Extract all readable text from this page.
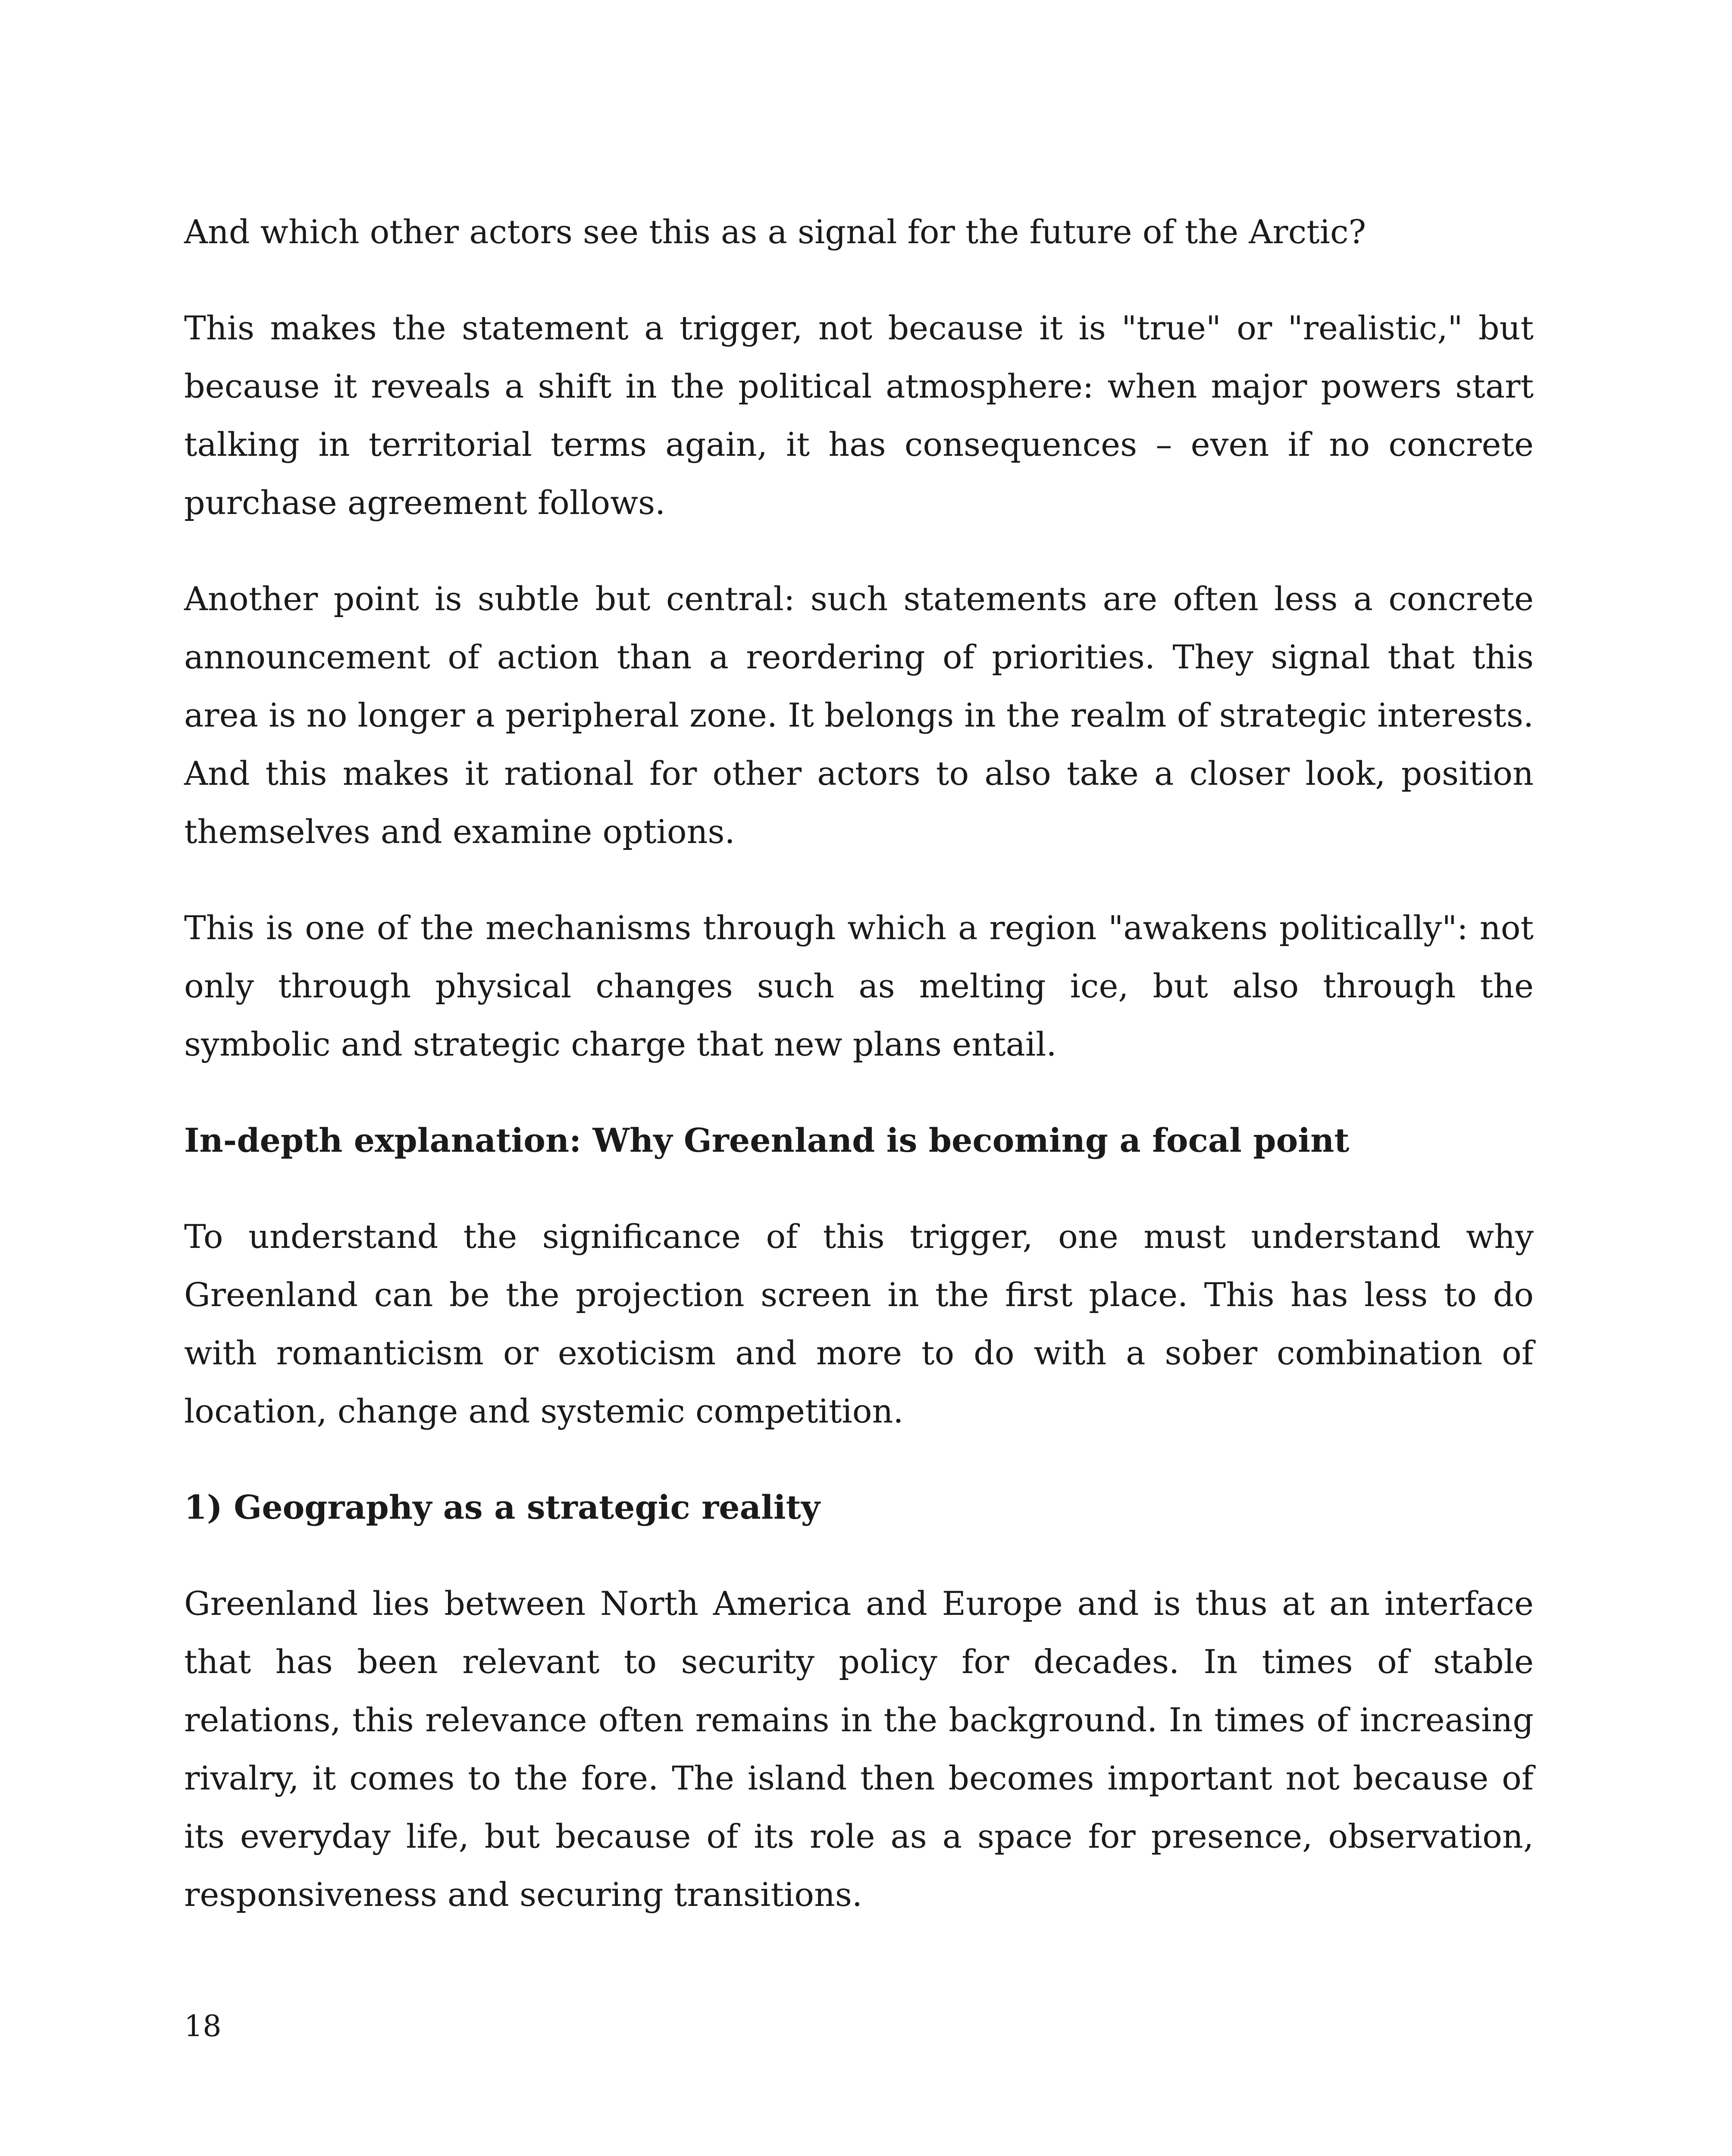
And which other actors see this as a signal for the future of the Arctic?

This makes the statement a trigger, not because it is "true" or "realistic," but because it reveals a shift in the political atmosphere: when major powers start talking in territorial terms again, it has consequences – even if no concrete purchase agreement follows.

Another point is subtle but central: such statements are often less a concrete announcement of action than a reordering of priorities. They signal that this area is no longer a peripheral zone. It belongs in the realm of strategic interests. And this makes it rational for other actors to also take a closer look, position themselves and examine options.

This is one of the mechanisms through which a region "awakens politically": not only through physical changes such as melting ice, but also through the symbolic and strategic charge that new plans entail.

In-depth explanation: Why Greenland is becoming a focal point

To understand the significance of this trigger, one must understand why Greenland can be the projection screen in the first place. This has less to do with romanticism or exoticism and more to do with a sober combination of location, change and systemic competition.

1) Geography as a strategic reality

Greenland lies between North America and Europe and is thus at an interface that has been relevant to security policy for decades. In times of stable relations, this relevance often remains in the background. In times of increasing rivalry, it comes to the fore. The island then becomes important not because of its everyday life, but because of its role as a space for presence, observation, responsiveness and securing transitions.

18
